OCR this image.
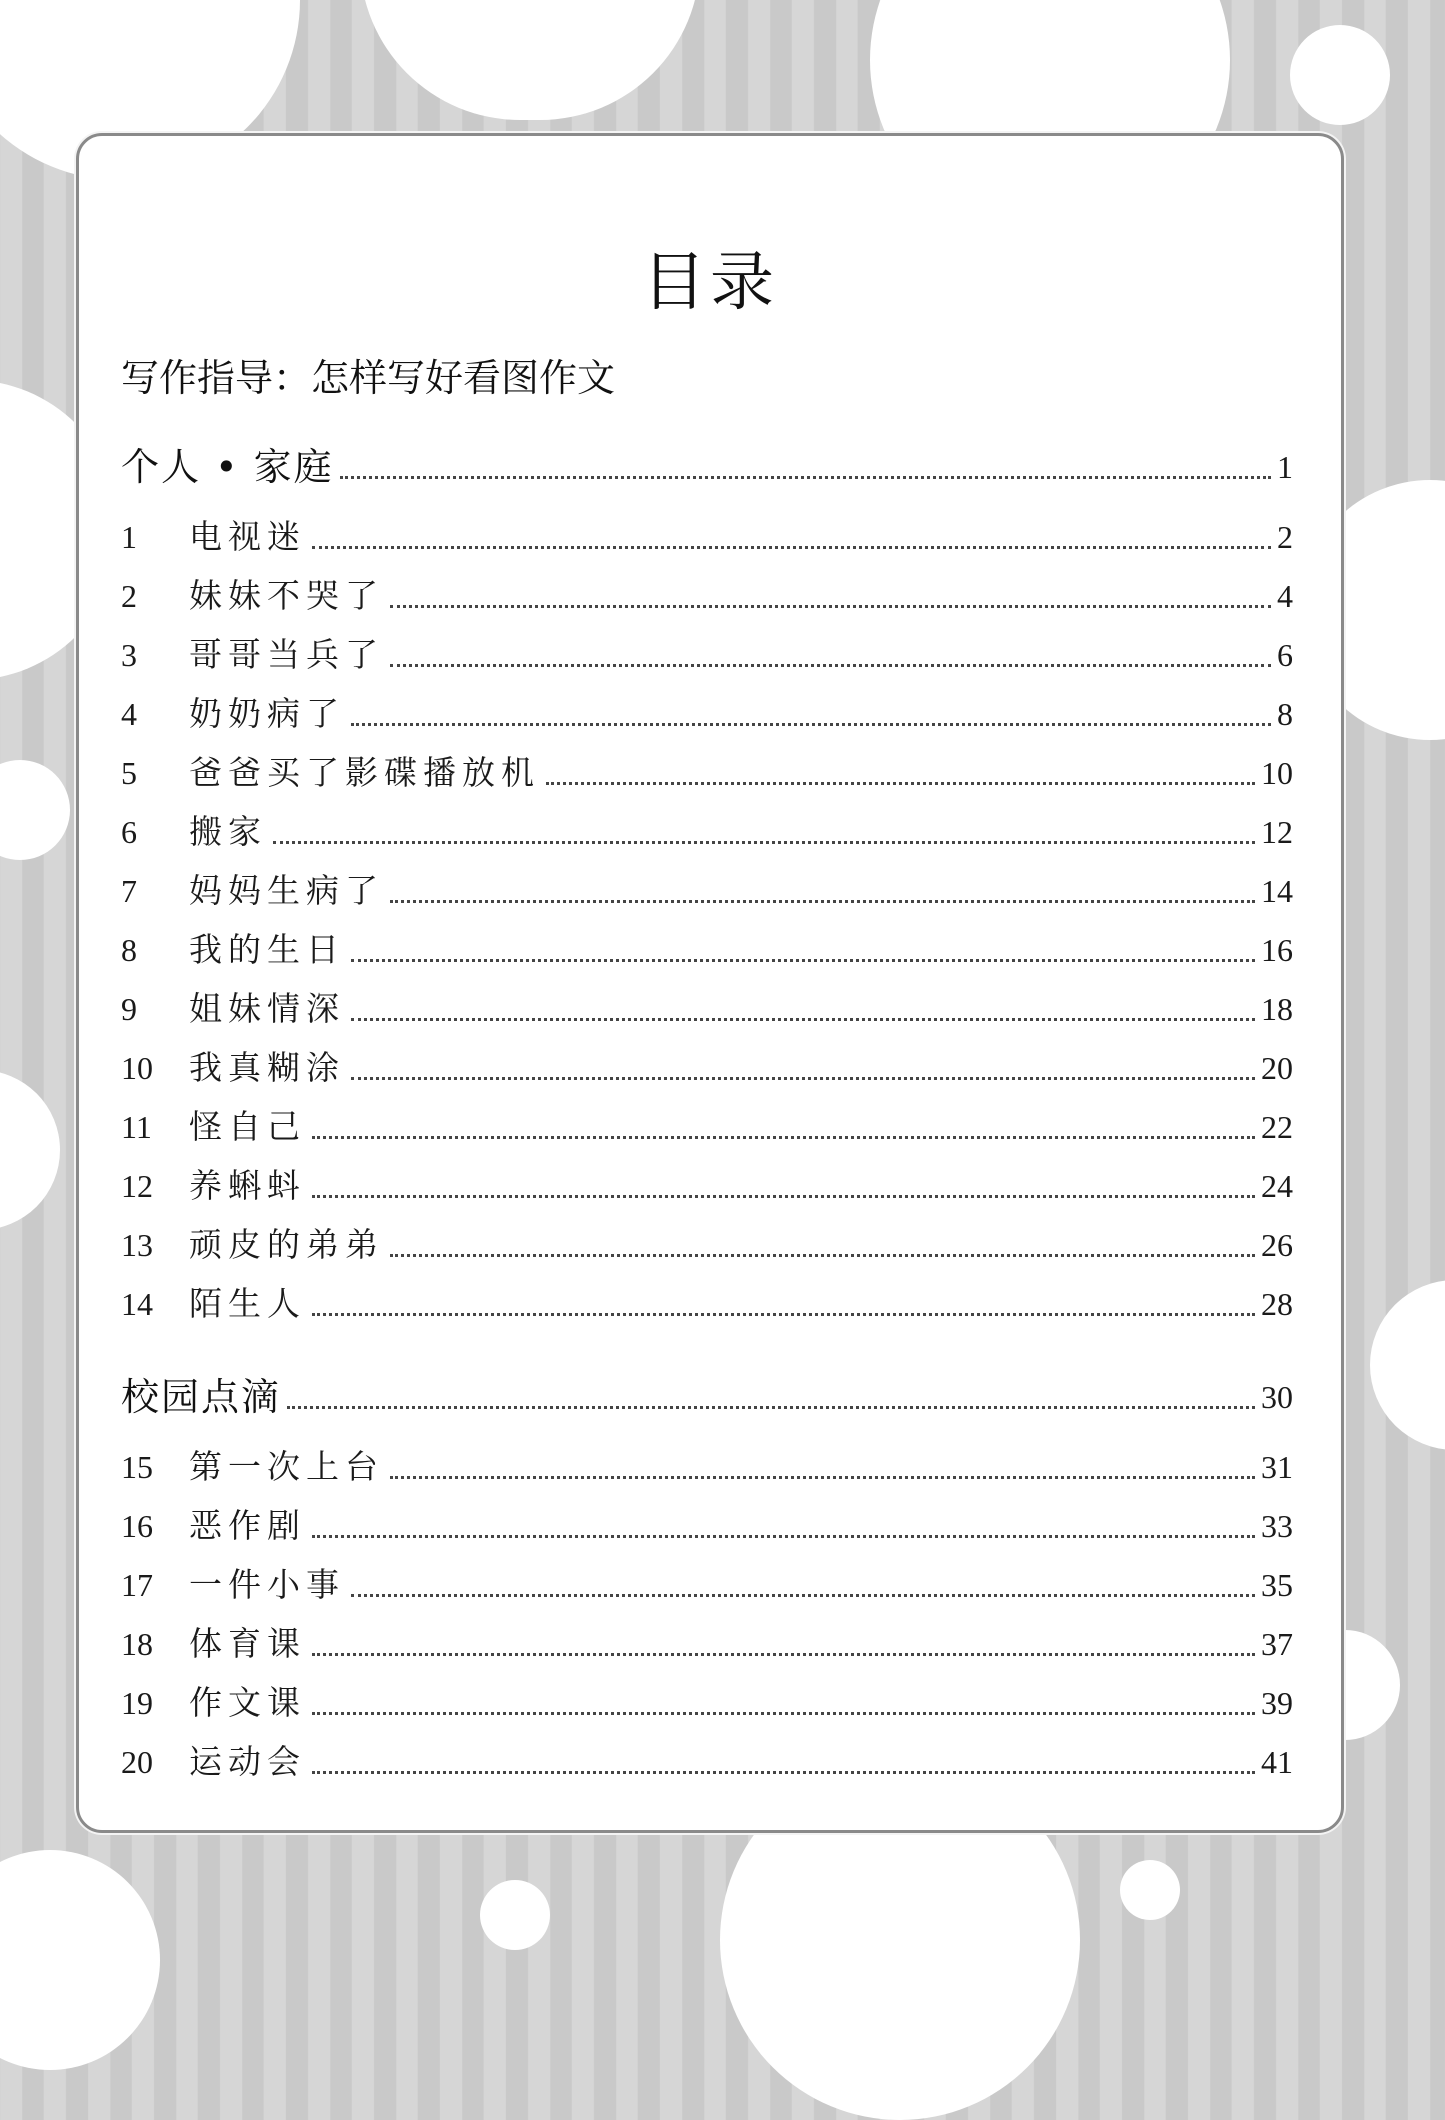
目录
写作指导：怎样写好看图作文
个人 • 家庭	1
1	电视迷	2
2	妹妹不哭了	4
3	哥哥当兵了	6
4	奶奶病了	8
5	爸爸买了影碟播放机	10
6	搬家	12
7	妈妈生病了	14
8	我的生日	16
9	姐妹情深	18
10	我真糊涂	20
11	怪自己	22
12	养蝌蚪	24
13	顽皮的弟弟	26
14	陌生人	28
校园点滴	30
15	第一次上台	31
16	恶作剧	33
17	一件小事	35
18	体育课	37
19	作文课	39
20	运动会	41
